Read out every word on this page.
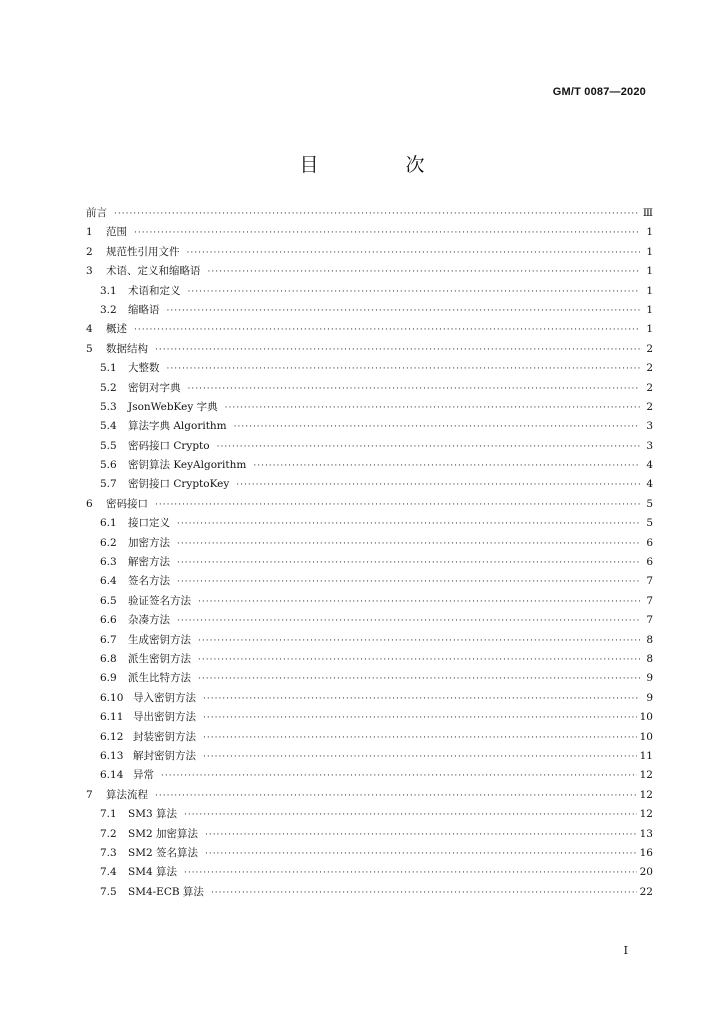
GM/T 0087—2020
目　次
前言 ·····	Ⅲ
1	范围 ·····	1
2	规范性引用文件 ·····	1
3	术语、定义和缩略语 ·····	1
3.1	术语和定义 ·····	1
3.2	缩略语 ·····	1
4	概述 ·····	1
5	数据结构 ·····	2
5.1	大整数 ·····	2
5.2	密钥对字典 ·····	2
5.3	JsonWebKey 字典 ·····	2
5.4	算法字典 Algorithm ·····	3
5.5	密码接口 Crypto ·····	3
5.6	密钥算法 KeyAlgorithm ·····	4
5.7	密钥接口 CryptoKey ·····	4
6	密码接口 ·····	5
6.1	接口定义 ·····	5
6.2	加密方法 ·····	6
6.3	解密方法 ·····	6
6.4	签名方法 ·····	7
6.5	验证签名方法 ·····	7
6.6	杂凑方法 ·····	7
6.7	生成密钥方法 ·····	8
6.8	派生密钥方法 ·····	8
6.9	派生比特方法 ·····	9
6.10 导入密钥方法 ·····	9
6.11 导出密钥方法 ·····	10
6.12 封装密钥方法 ·····	10
6.13 解封密钥方法 ·····	11
6.14 异常 ·····	12
7	算法流程 ·····	12
7.1	SM3 算法 ·····	12
7.2	SM2 加密算法 ·····	13
7.3	SM2 签名算法 ·····	16
7.4	SM4 算法 ·····	20
7.5	SM4-ECB 算法 ·····	22
Ⅰ
